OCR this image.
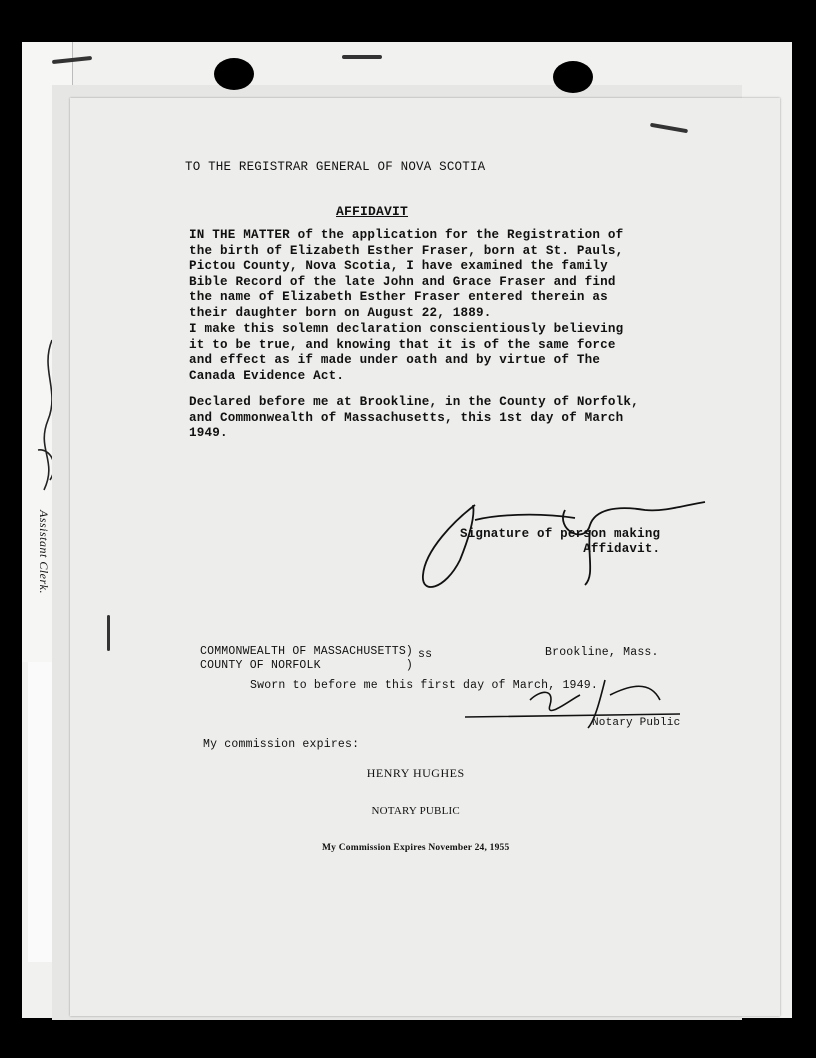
Assistant Clerk.
TO THE REGISTRAR GENERAL OF NOVA SCOTIA
AFFIDAVIT
IN THE MATTER of the application for the Registration of
the birth of Elizabeth Esther Fraser, born at St. Pauls,
Pictou County, Nova Scotia, I have examined the family
Bible Record of the late John and Grace Fraser and find
the name of Elizabeth Esther Fraser entered therein as
their daughter born on August 22, 1889.
I make this solemn declaration conscientiously believing
it to be true, and knowing that it is of the same force
and effect as if made under oath and by virtue of The
Canada Evidence Act.
Declared before me at Brookline, in the County of Norfolk,
and Commonwealth of Massachusetts, this 1st day of March
1949.
Signature of person making
Affidavit.
COMMONWEALTH OF MASSACHUSETTS)
COUNTY OF NORFOLK            )
ss	Brookline, Mass.
Sworn to before me this first day of March, 1949.
Notary Public
My commission expires:

HENRY HUGHES

NOTARY PUBLIC

My Commission Expires November 24, 1955
